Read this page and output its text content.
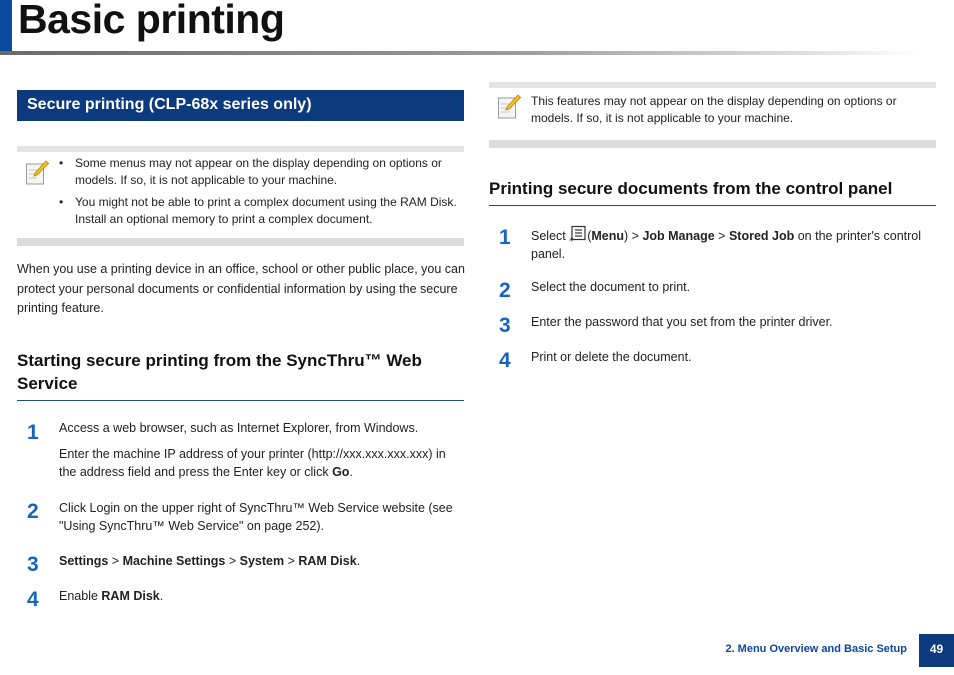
Basic printing
Secure printing (CLP-68x series only)
• Some menus may not appear on the display depending on options or models. If so, it is not applicable to your machine.
• You might not be able to print a complex document using the RAM Disk. Install an optional memory to print a complex document.
When you use a printing device in an office, school or other public place, you can protect your personal documents or confidential information by using the secure printing feature.
Starting secure printing from the SyncThru™ Web Service
1 Access a web browser, such as Internet Explorer, from Windows.
Enter the machine IP address of your printer (http://xxx.xxx.xxx.xxx) in the address field and press the Enter key or click Go.
2 Click Login on the upper right of SyncThru™ Web Service website (see "Using SyncThru™ Web Service" on page 252).
3 Settings > Machine Settings > System > RAM Disk.
4 Enable RAM Disk.
This features may not appear on the display depending on options or models. If so, it is not applicable to your machine.
Printing secure documents from the control panel
1 Select * (Menu) > Job Manage > Stored Job on the printer's control panel.
2 Select the document to print.
3 Enter the password that you set from the printer driver.
4 Print or delete the document.
2. Menu Overview and Basic Setup	49
